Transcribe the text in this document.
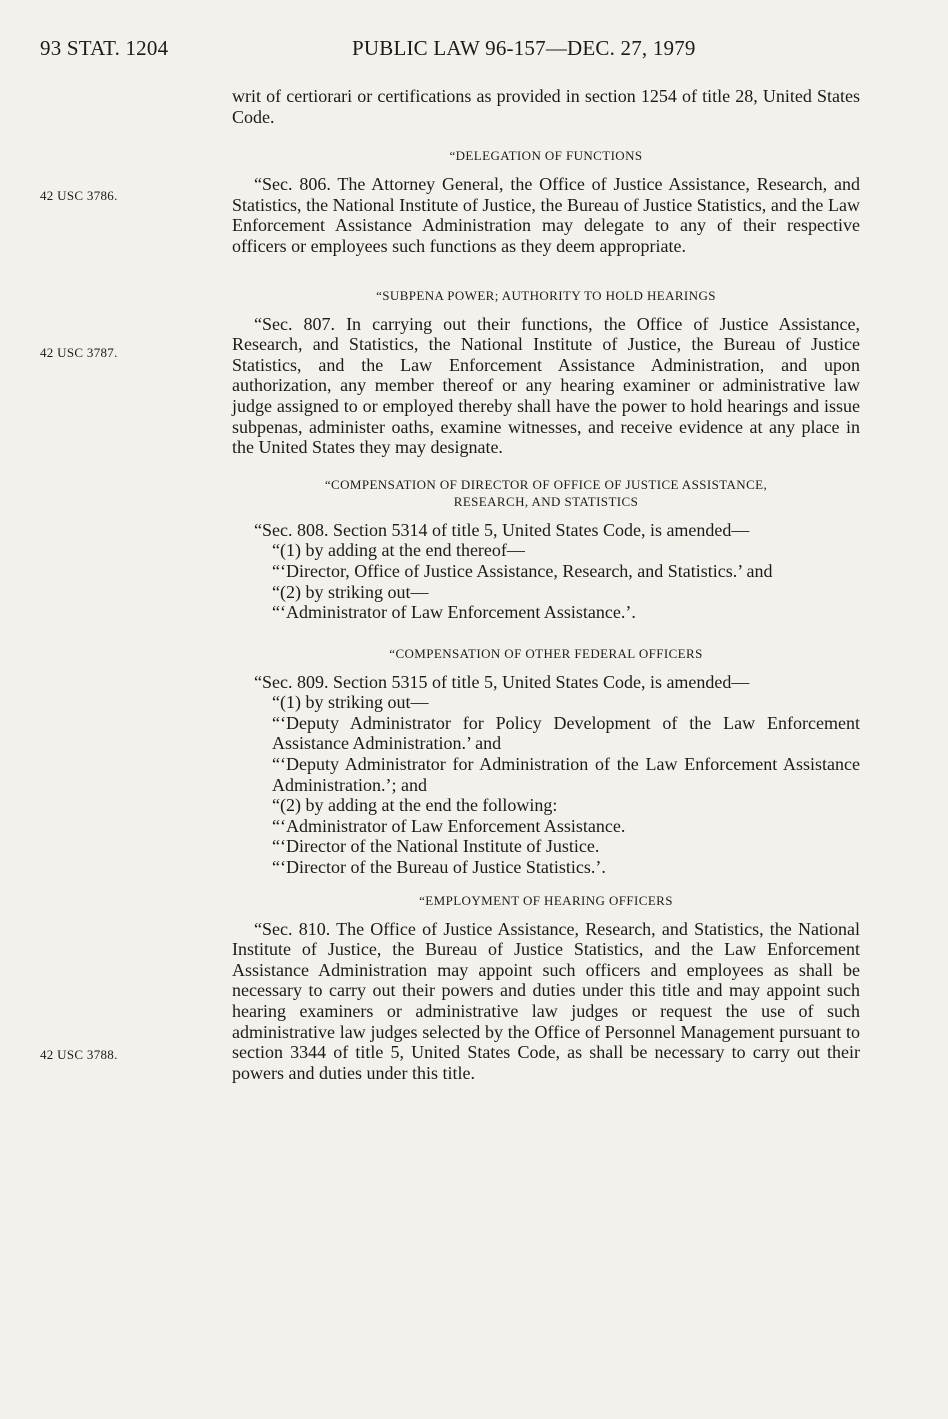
93 STAT. 1204	PUBLIC LAW 96-157—DEC. 27, 1979
42 USC 3786.
42 USC 3787.
42 USC 3788.

writ of certiorari or certifications as provided in section 1254 of title 28, United States Code.

“DELEGATION OF FUNCTIONS

“Sec. 806. The Attorney General, the Office of Justice Assistance, Research, and Statistics, the National Institute of Justice, the Bureau of Justice Statistics, and the Law Enforcement Assistance Administration may delegate to any of their respective officers or employees such functions as they deem appropriate.

“SUBPENA POWER; AUTHORITY TO HOLD HEARINGS

“Sec. 807. In carrying out their functions, the Office of Justice Assistance, Research, and Statistics, the National Institute of Justice, the Bureau of Justice Statistics, and the Law Enforcement Assistance Administration, and upon authorization, any member thereof or any hearing examiner or administrative law judge assigned to or employed thereby shall have the power to hold hearings and issue subpenas, administer oaths, examine witnesses, and receive evidence at any place in the United States they may designate.

“COMPENSATION OF DIRECTOR OF OFFICE OF JUSTICE ASSISTANCE,

RESEARCH, AND STATISTICS

“Sec. 808. Section 5314 of title 5, United States Code, is amended—

“(1) by adding at the end thereof—

“‘Director, Office of Justice Assistance, Research, and Statistics.’ and

“(2) by striking out—

“‘Administrator of Law Enforcement Assistance.’.

“COMPENSATION OF OTHER FEDERAL OFFICERS

“Sec. 809. Section 5315 of title 5, United States Code, is amended—

“(1) by striking out—

“‘Deputy Administrator for Policy Development of the Law Enforcement Assistance Administration.’ and

“‘Deputy Administrator for Administration of the Law Enforcement Assistance Administration.’; and

“(2) by adding at the end the following:

“‘Administrator of Law Enforcement Assistance.

“‘Director of the National Institute of Justice.

“‘Director of the Bureau of Justice Statistics.’.

“EMPLOYMENT OF HEARING OFFICERS

“Sec. 810. The Office of Justice Assistance, Research, and Statistics, the National Institute of Justice, the Bureau of Justice Statistics, and the Law Enforcement Assistance Administration may appoint such officers and employees as shall be necessary to carry out their powers and duties under this title and may appoint such hearing examiners or administrative law judges or request the use of such administrative law judges selected by the Office of Personnel Management pursuant to section 3344 of title 5, United States Code, as shall be necessary to carry out their powers and duties under this title.
